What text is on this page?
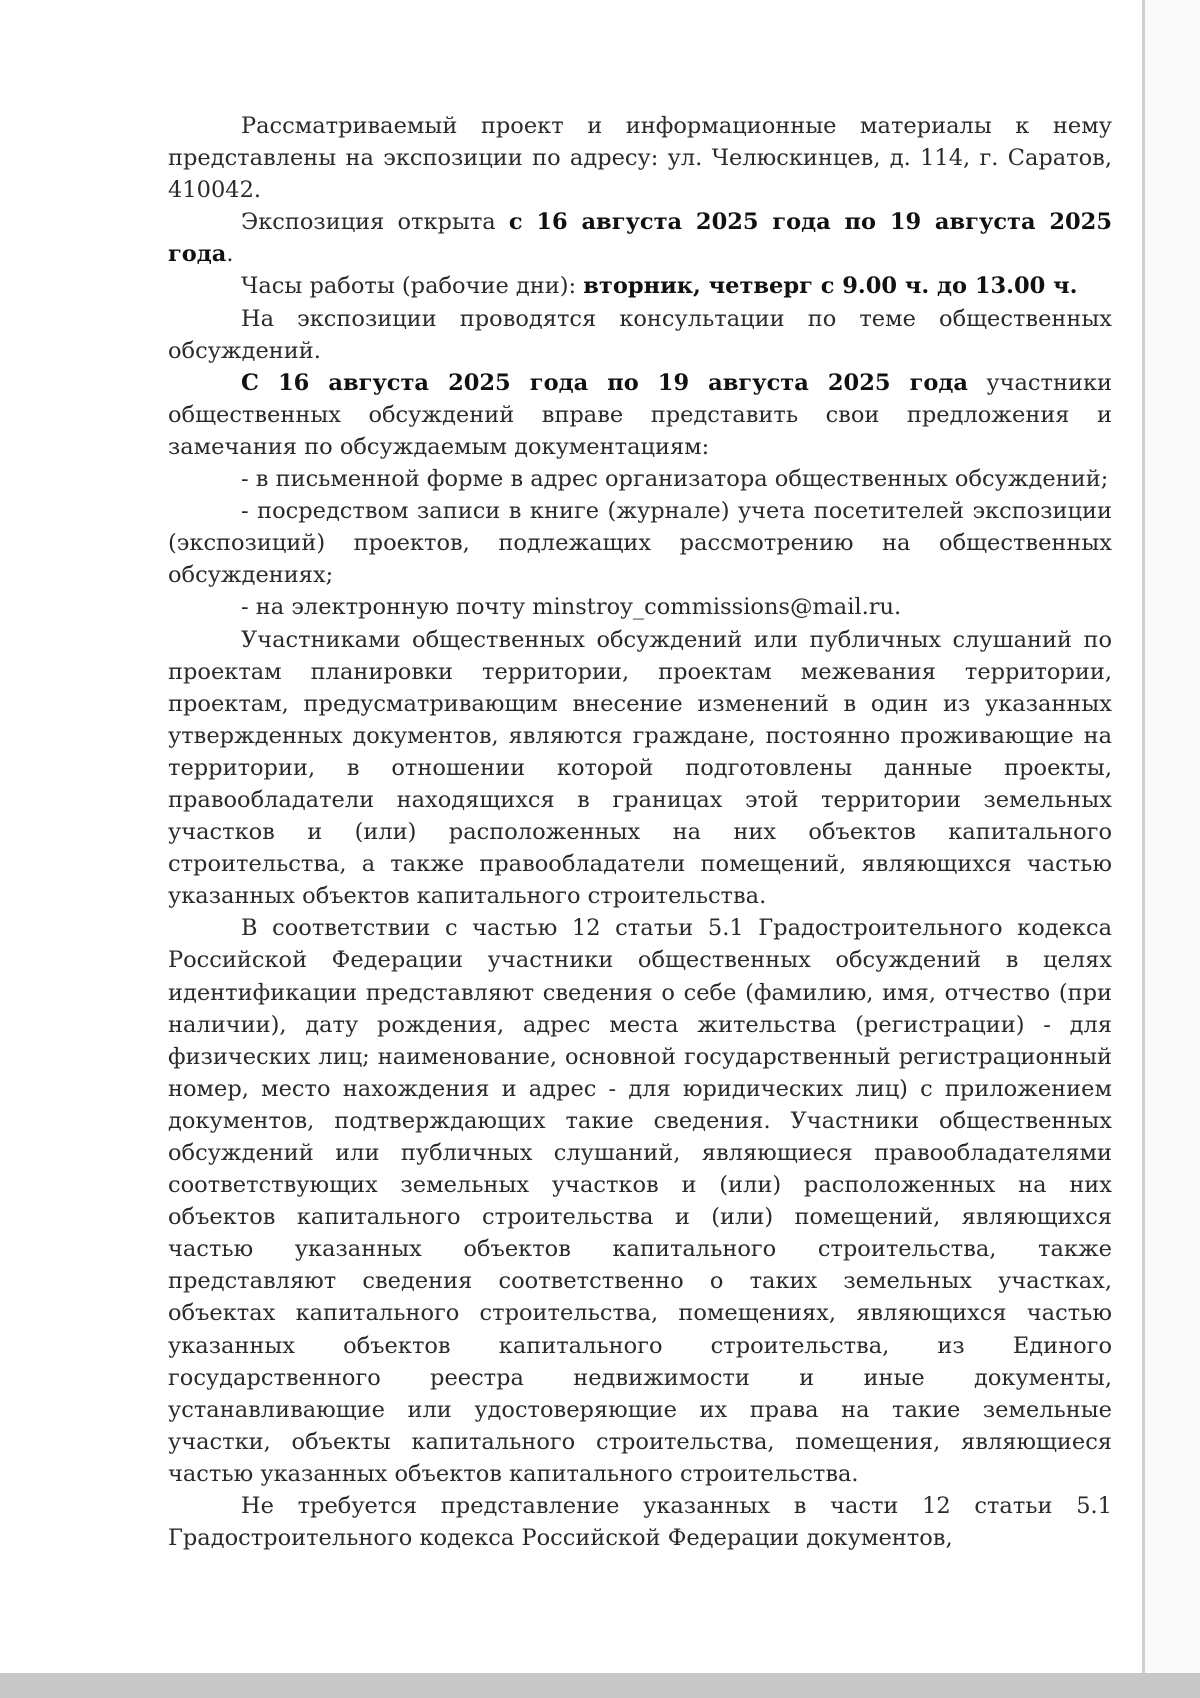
Рассматриваемый проект и информационные материалы к нему представлены на экспозиции по адресу: ул. Челюскинцев, д. 114, г. Саратов, 410042.

Экспозиция открыта с 16 августа 2025 года по 19 августа 2025 года.

Часы работы (рабочие дни): вторник, четверг с 9.00 ч. до 13.00 ч.

На экспозиции проводятся консультации по теме общественных обсуждений.

С 16 августа 2025 года по 19 августа 2025 года участники общественных обсуждений вправе представить свои предложения и замечания по обсуждаемым документациям:

- в письменной форме в адрес организатора общественных обсуждений;

- посредством записи в книге (журнале) учета посетителей экспозиции (экспозиций) проектов, подлежащих рассмотрению на общественных обсуждениях;

- на электронную почту minstroy_commissions@mail.ru.

Участниками общественных обсуждений или публичных слушаний по проектам планировки территории, проектам межевания территории, проектам, предусматривающим внесение изменений в один из указанных утвержденных документов, являются граждане, постоянно проживающие на территории, в отношении которой подготовлены данные проекты, правообладатели находящихся в границах этой территории земельных участков и (или) расположенных на них объектов капитального строительства, а также правообладатели помещений, являющихся частью указанных объектов капитального строительства.

В соответствии с частью 12 статьи 5.1 Градостроительного кодекса Российской Федерации участники общественных обсуждений в целях идентификации представляют сведения о себе (фамилию, имя, отчество (при наличии), дату рождения, адрес места жительства (регистрации) - для физических лиц; наименование, основной государственный регистрационный номер, место нахождения и адрес - для юридических лиц) с приложением документов, подтверждающих такие сведения. Участники общественных обсуждений или публичных слушаний, являющиеся правообладателями соответствующих земельных участков и (или) расположенных на них объектов капитального строительства и (или) помещений, являющихся частью указанных объектов капитального строительства, также представляют сведения соответственно о таких земельных участках, объектах капитального строительства, помещениях, являющихся частью указанных объектов капитального строительства, из Единого государственного реестра недвижимости и иные документы, устанавливающие или удостоверяющие их права на такие земельные участки, объекты капитального строительства, помещения, являющиеся частью указанных объектов капитального строительства.

Не требуется представление указанных в части 12 статьи 5.1 Градостроительного кодекса Российской Федерации документов,
